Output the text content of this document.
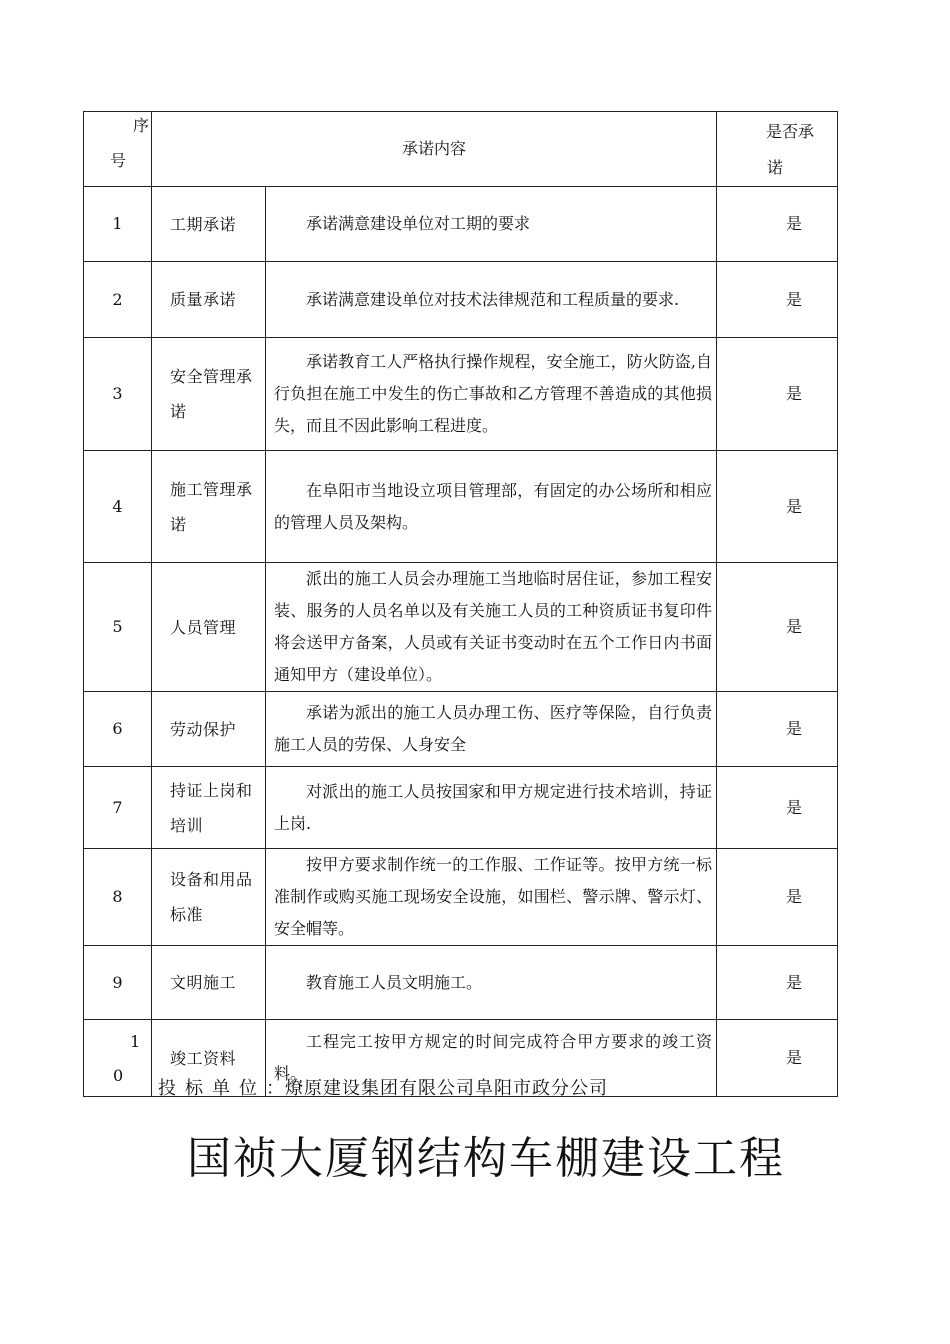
序
号	承诺内容		是否承
诺

1	工期承诺	承诺满意建设单位对工期的要求	是
2	质量承诺	承诺满意建设单位对技术法律规范和工程质量的要求.	是
3	安全管理承诺	承诺教育工人严格执行操作规程，安全施工，防火防盗,自行负担在施工中发生的伤亡事故和乙方管理不善造成的其他损失，而且不因此影响工程进度。	是
4	施工管理承诺	在阜阳市当地设立项目管理部，有固定的办公场所和相应的管理人员及架构。	是
5	人员管理	派出的施工人员会办理施工当地临时居住证，参加工程安装、服务的人员名单以及有关施工人员的工种资质证书复印件将会送甲方备案，人员或有关证书变动时在五个工作日内书面通知甲方（建设单位）。	是
6	劳动保护	承诺为派出的施工人员办理工伤、医疗等保险，自行负责施工人员的劳保、人身安全	是
7	持证上岗和培训	对派出的施工人员按国家和甲方规定进行技术培训，持证上岗.	是
8	设备和用品标准	按甲方要求制作统一的工作服、工作证等。按甲方统一标准制作或购买施工现场安全设施，如围栏、警示牌、警示灯、安全帽等。	是
9	文明施工	教育施工人员文明施工。	是

1
0	竣工资料	工程完工按甲方规定的时间完成符合甲方要求的竣工资料。	是
投标单位：燎原建设集团有限公司阜阳市政分公司
国祯大厦钢结构车棚建设工程
